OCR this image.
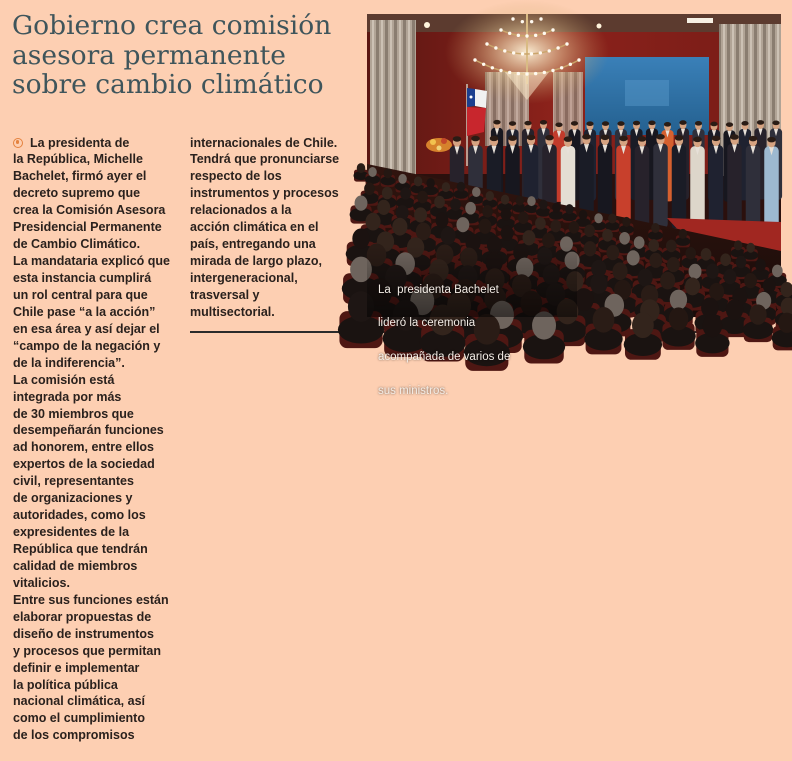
Gobierno crea comisión
asesora permanente
sobre cambio climático
La presidenta de
la República, Michelle
Bachelet, firmó ayer el
decreto supremo que
crea la Comisión Asesora
Presidencial Permanente
de Cambio Climático.
La mandataria explicó que
esta instancia cumplirá
un rol central para que
Chile pase “a la acción”
en esa área y así dejar el
“campo de la negación y
de la indiferencia”.
La comisión está
integrada por más
de 30 miembros que
desempeñarán funciones
ad honorem, entre ellos
expertos de la sociedad
civil, representantes
de organizaciones y
autoridades, como los
expresidentes de la
República que tendrán
calidad de miembros
vitalicios.
Entre sus funciones están
elaborar propuestas de
diseño de instrumentos
y procesos que permitan
definir e implementar
la política pública
nacional climática, así
como el cumplimiento
de los compromisos
internacionales de Chile.
Tendrá que pronunciarse
respecto de los
instrumentos y procesos
relacionados a la
acción climática en el
país, entregando una
mirada de largo plazo,
intergeneracional,
trasversal y
multisectorial.

La  presidenta Bachelet

lideró la ceremonia

acompañada de varios de

sus ministros.
